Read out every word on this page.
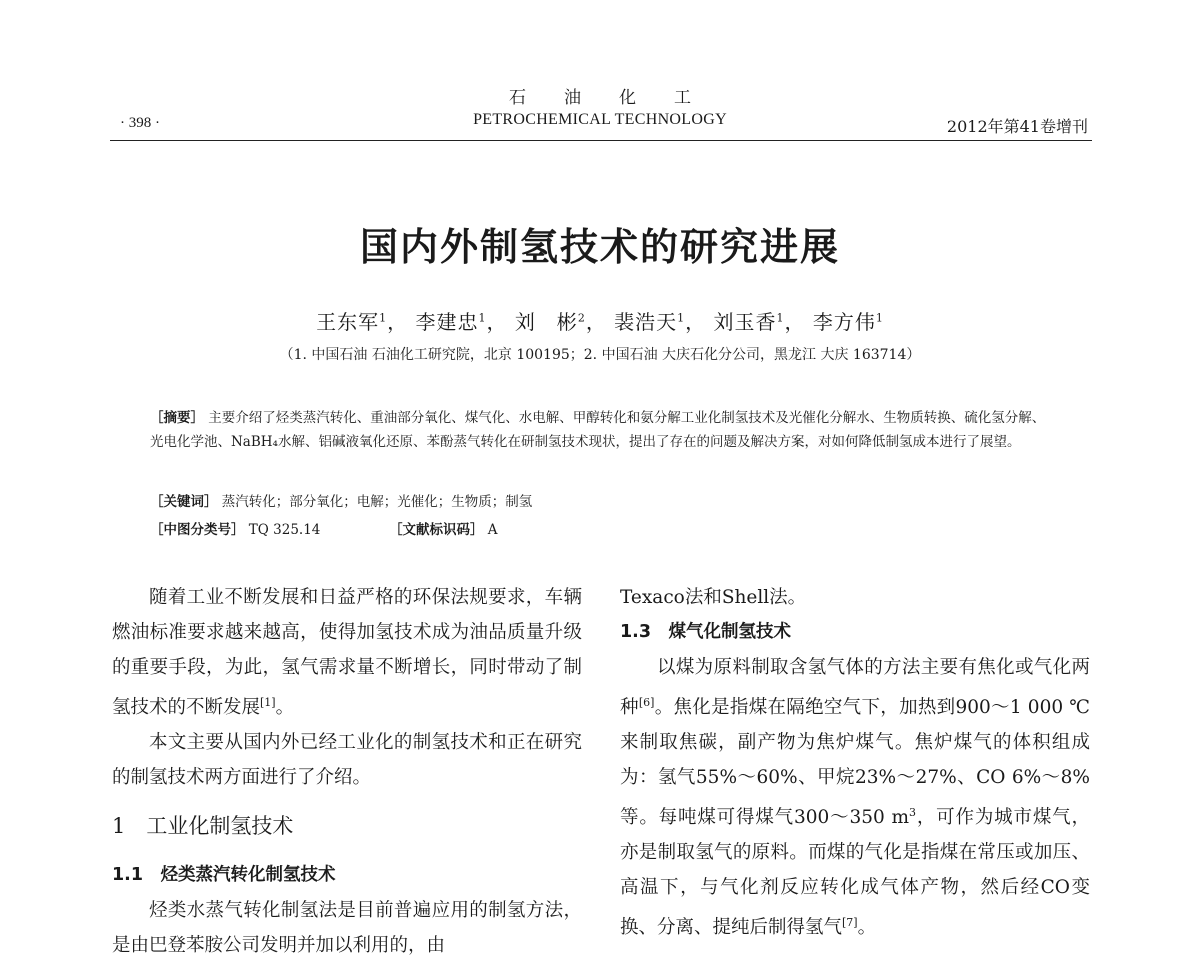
石油化工
PETROCHEMICAL TECHNOLOGY
· 398 ·	2012年第41卷增刊
国内外制氢技术的研究进展
王东军$^1$， 李建忠$^1$， 刘　彬$^2$， 裴浩天$^1$， 刘玉香$^1$， 李方伟$^1$
（1. 中国石油 石油化工研究院，北京 100195；2. 中国石油 大庆石化分公司，黑龙江 大庆 163714）
［摘要］ 主要介绍了烃类蒸汽转化、重油部分氧化、煤气化、水电解、甲醇转化和氨分解工业化制氢技术及光催化分解水、生物质转换、硫化氢分解、光电化学池、NaBH₄水解、铝碱液氧化还原、苯酚蒸气转化在研制氢技术现状，提出了存在的问题及解决方案，对如何降低制氢成本进行了展望。
［关键词］ 蒸汽转化；部分氧化；电解；光催化；生物质；制氢
［中图分类号］ TQ 325.14	［文献标识码］ A

随着工业不断发展和日益严格的环保法规要求，车辆燃油标准要求越来越高，使得加氢技术成为油品质量升级的重要手段，为此，氢气需求量不断增长，同时带动了制氢技术的不断发展[1]。

本文主要从国内外已经工业化的制氢技术和正在研究的制氢技术两方面进行了介绍。

1　工业化制氢技术

1.1　烃类蒸汽转化制氢技术

烃类水蒸气转化制氢法是目前普遍应用的制氢方法，是由巴登苯胺公司发明并加以利用的，由

Texaco法和Shell法。

1.3　煤气化制氢技术

以煤为原料制取含氢气体的方法主要有焦化或气化两种[6]。焦化是指煤在隔绝空气下，加热到900～1 000 ℃来制取焦碳，副产物为焦炉煤气。焦炉煤气的体积组成为：氢气55%～60%、甲烷23%～27%、CO 6%～8%等。每吨煤可得煤气300～350 $m^3$，可作为城市煤气，亦是制取氢气的原料。而煤的气化是指煤在常压或加压、高温下，与气化剂反应转化成气体产物，然后经CO变换、分离、提纯后制得氢气[7]。
